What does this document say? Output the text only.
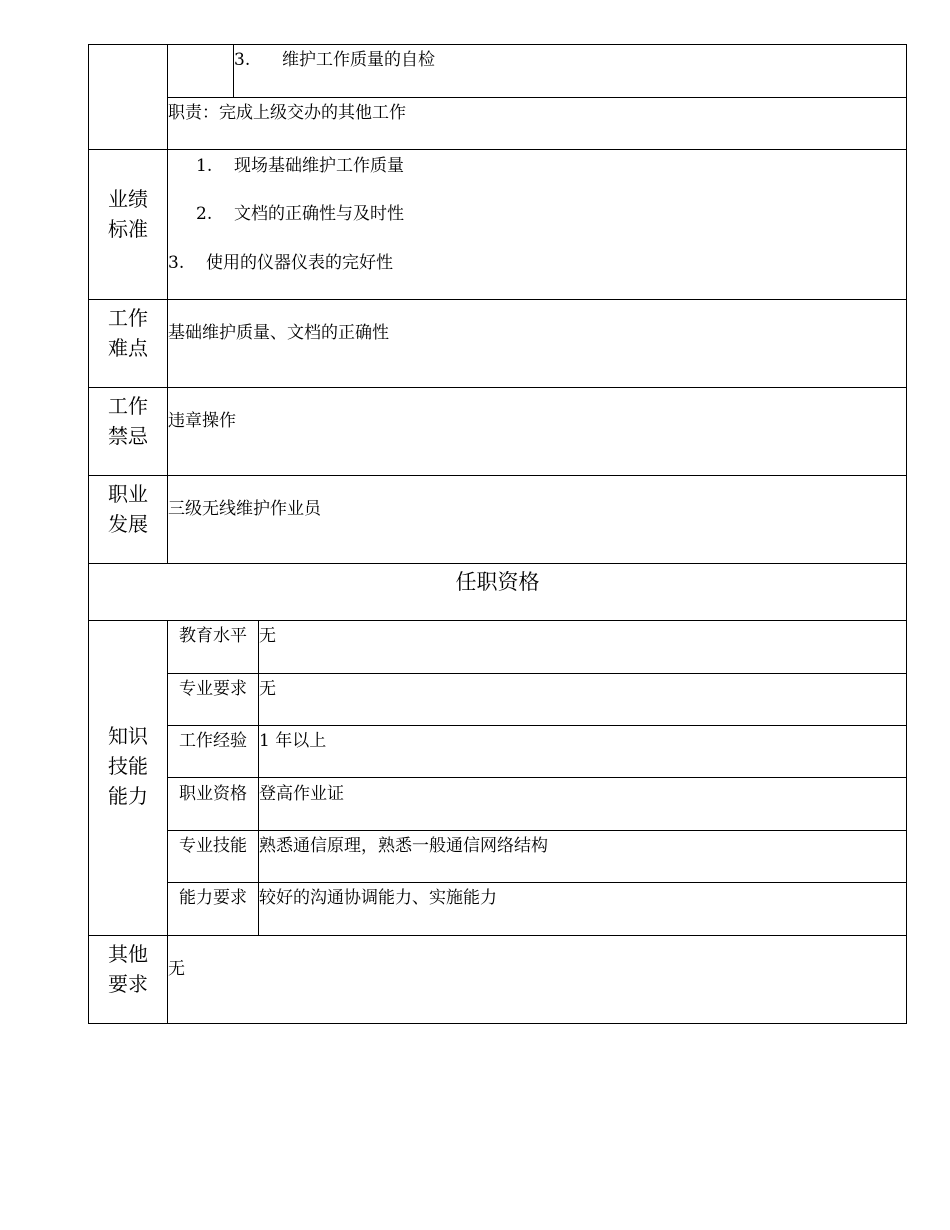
3. 维护工作质量的自检
职责：完成上级交办的其他工作
业绩标准
1. 现场基础维护工作质量
2. 文档的正确性与及时性
3. 使用的仪器仪表的完好性
工作难点
基础维护质量、文档的正确性
工作禁忌
违章操作
职业发展
三级无线维护作业员
任职资格
知识技能能力
教育水平 无
专业要求 无
工作经验 1 年以上
职业资格 登高作业证
专业技能 熟悉通信原理，熟悉一般通信网络结构
能力要求 较好的沟通协调能力、实施能力
其他要求
无
